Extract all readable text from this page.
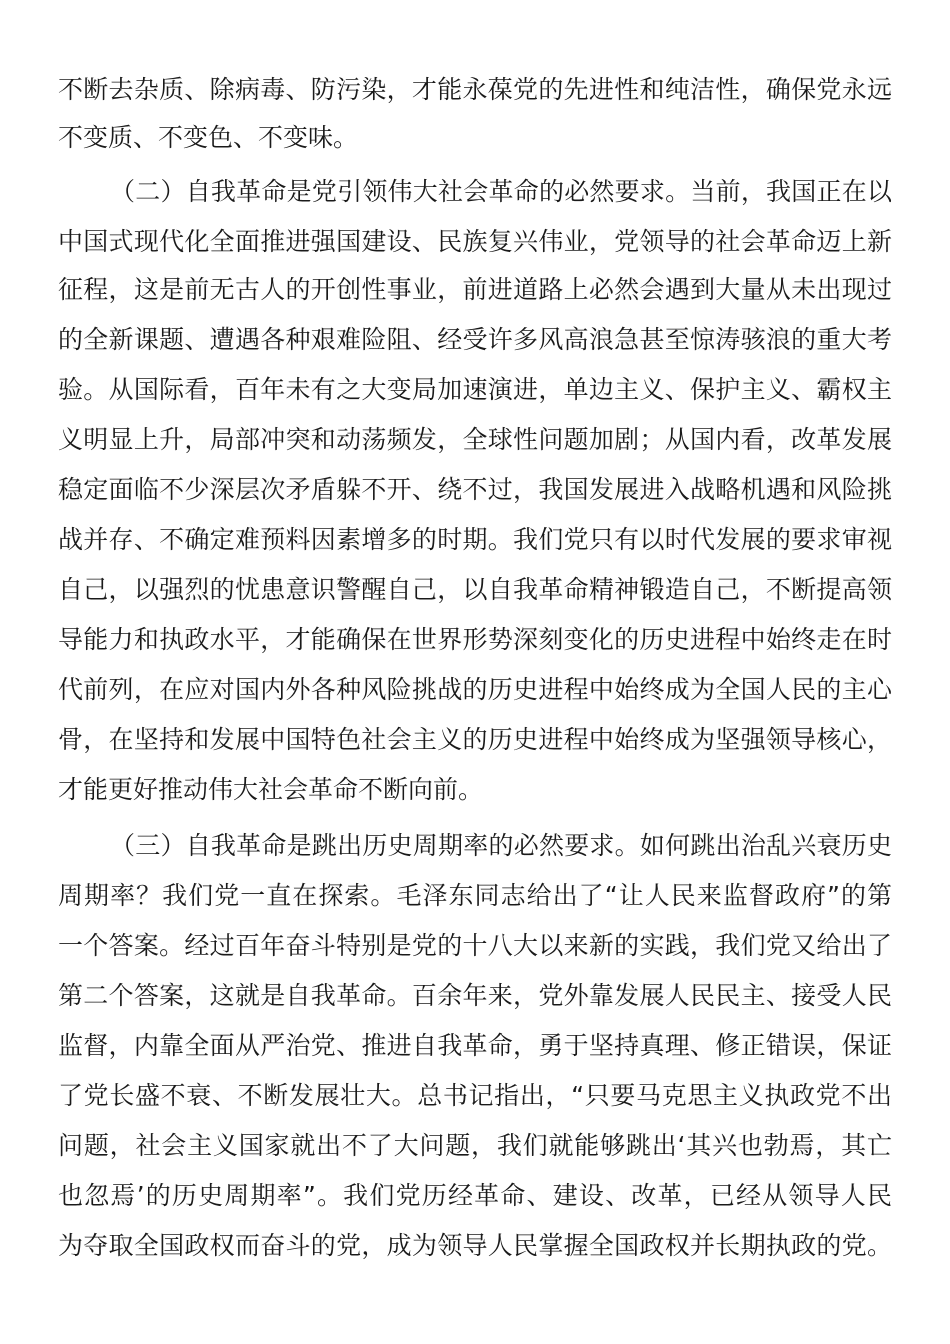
不断去杂质、除病毒、防污染，才能永葆党的先进性和纯洁性，确保党永远
不变质、不变色、不变味。
（二）自我革命是党引领伟大社会革命的必然要求。当前，我国正在以
中国式现代化全面推进强国建设、民族复兴伟业，党领导的社会革命迈上新
征程，这是前无古人的开创性事业，前进道路上必然会遇到大量从未出现过
的全新课题、遭遇各种艰难险阻、经受许多风高浪急甚至惊涛骇浪的重大考
验。从国际看，百年未有之大变局加速演进，单边主义、保护主义、霸权主
义明显上升，局部冲突和动荡频发，全球性问题加剧；从国内看，改革发展
稳定面临不少深层次矛盾躲不开、绕不过，我国发展进入战略机遇和风险挑
战并存、不确定难预料因素增多的时期。我们党只有以时代发展的要求审视
自己，以强烈的忧患意识警醒自己，以自我革命精神锻造自己，不断提高领
导能力和执政水平，才能确保在世界形势深刻变化的历史进程中始终走在时
代前列，在应对国内外各种风险挑战的历史进程中始终成为全国人民的主心
骨，在坚持和发展中国特色社会主义的历史进程中始终成为坚强领导核心，
才能更好推动伟大社会革命不断向前。
（三）自我革命是跳出历史周期率的必然要求。如何跳出治乱兴衰历史
周期率？我们党一直在探索。毛泽东同志给出了“让人民来监督政府”的第
一个答案。经过百年奋斗特别是党的十八大以来新的实践，我们党又给出了
第二个答案，这就是自我革命。百余年来，党外靠发展人民民主、接受人民
监督，内靠全面从严治党、推进自我革命，勇于坚持真理、修正错误，保证
了党长盛不衰、不断发展壮大。总书记指出，“只要马克思主义执政党不出
问题，社会主义国家就出不了大问题，我们就能够跳出‘其兴也勃焉，其亡
也忽焉’的历史周期率”。我们党历经革命、建设、改革，已经从领导人民
为夺取全国政权而奋斗的党，成为领导人民掌握全国政权并长期执政的党。
